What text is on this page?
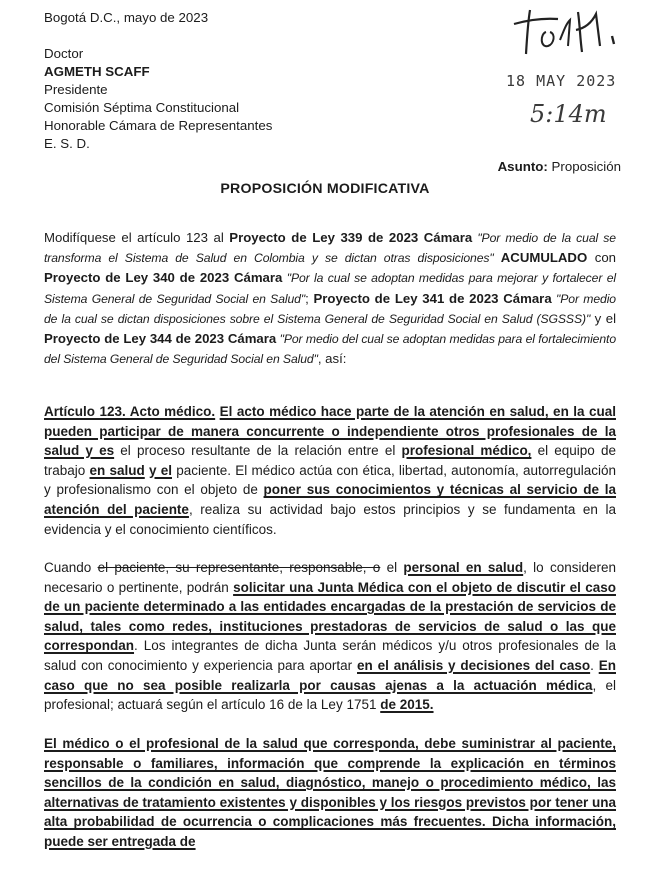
Bogotá D.C., mayo de 2023
Doctor
AGMETH SCAFF
Presidente
Comisión Séptima Constitucional
Honorable Cámara de Representantes
E. S. D.
18 MAY 2023
5:14m
Asunto: Proposición
PROPOSICIÓN MODIFICATIVA

Modifíquese el artículo 123 al Proyecto de Ley 339 de 2023 Cámara "Por medio de la cual se transforma el Sistema de Salud en Colombia y se dictan otras disposiciones" ACUMULADO con Proyecto de Ley 340 de 2023 Cámara "Por la cual se adoptan medidas para mejorar y fortalecer el Sistema General de Seguridad Social en Salud"; Proyecto de Ley 341 de 2023 Cámara "Por medio de la cual se dictan disposiciones sobre el Sistema General de Seguridad Social en Salud (SGSSS)" y el Proyecto de Ley 344 de 2023 Cámara "Por medio del cual se adoptan medidas para el fortalecimiento del Sistema General de Seguridad Social en Salud", así:

Artículo 123. Acto médico. El acto médico hace parte de la atención en salud, en la cual pueden participar de manera concurrente o independiente otros profesionales de la salud y es el proceso resultante de la relación entre el profesional médico, el equipo de trabajo en salud y el paciente. El médico actúa con ética, libertad, autonomía, autorregulación y profesionalismo con el objeto de poner sus conocimientos y técnicas al servicio de la atención del paciente, realiza su actividad bajo estos principios y se fundamenta en la evidencia y el conocimiento científicos.

Cuando el paciente, su representante, responsable, o el personal en salud, lo consideren necesario o pertinente, podrán solicitar una Junta Médica con el objeto de discutir el caso de un paciente determinado a las entidades encargadas de la prestación de servicios de salud, tales como redes, instituciones prestadoras de servicios de salud o las que correspondan. Los integrantes de dicha Junta serán médicos y/u otros profesionales de la salud con conocimiento y experiencia para aportar en el análisis y decisiones del caso. En caso que no sea posible realizarla por causas ajenas a la actuación médica, el profesional; actuará según el artículo 16 de la Ley 1751 de 2015.

El médico o el profesional de la salud que corresponda, debe suministrar al paciente, responsable o familiares, información que comprende la explicación en términos sencillos de la condición en salud, diagnóstico, manejo o procedimiento médico, las alternativas de tratamiento existentes y disponibles y los riesgos previstos por tener una alta probabilidad de ocurrencia o complicaciones más frecuentes. Dicha información, puede ser entregada de
